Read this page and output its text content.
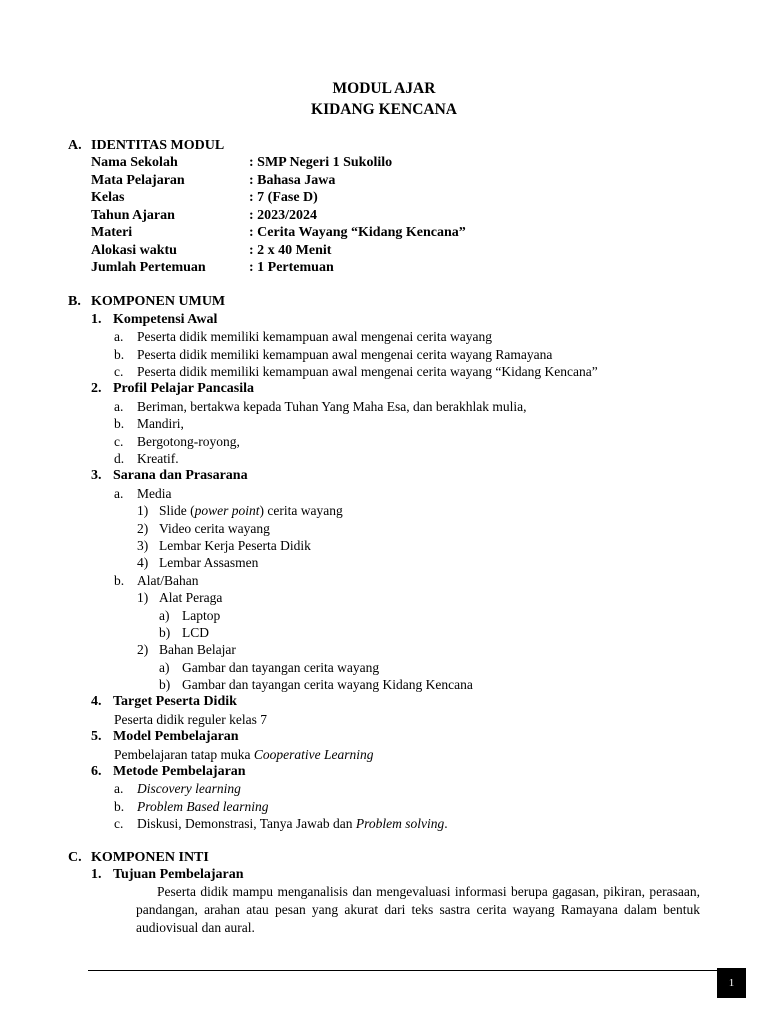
MODUL AJAR
KIDANG KENCANA
A. IDENTITAS MODUL
Nama Sekolah	: SMP Negeri 1 Sukolilo
Mata Pelajaran	: Bahasa Jawa
Kelas	: 7 (Fase D)
Tahun Ajaran	: 2023/2024
Materi	: Cerita Wayang “Kidang Kencana”
Alokasi waktu	: 2 x 40 Menit
Jumlah Pertemuan	: 1 Pertemuan
B. KOMPONEN UMUM
1. Kompetensi Awal
a. Peserta didik memiliki kemampuan awal mengenai cerita wayang
b. Peserta didik memiliki kemampuan awal mengenai cerita wayang Ramayana
c. Peserta didik memiliki kemampuan awal mengenai cerita wayang “Kidang Kencana”
2. Profil Pelajar Pancasila
a. Beriman, bertakwa kepada Tuhan Yang Maha Esa, dan berakhlak mulia,
b. Mandiri,
c. Bergotong-royong,
d. Kreatif.
3. Sarana dan Prasarana
a. Media
1) Slide (power point) cerita wayang
2) Video cerita wayang
3) Lembar Kerja Peserta Didik
4) Lembar Assasmen
b. Alat/Bahan
1) Alat Peraga
a) Laptop
b) LCD
2) Bahan Belajar
a) Gambar dan tayangan cerita wayang
b) Gambar dan tayangan cerita wayang Kidang Kencana
4. Target Peserta Didik
Peserta didik reguler kelas 7
5. Model Pembelajaran
Pembelajaran tatap muka Cooperative Learning
6. Metode Pembelajaran
a. Discovery learning
b. Problem Based learning
c. Diskusi, Demonstrasi, Tanya Jawab dan Problem solving.
C. KOMPONEN INTI
1. Tujuan Pembelajaran
Peserta didik mampu menganalisis dan mengevaluasi informasi berupa gagasan, pikiran, perasaan, pandangan, arahan atau pesan yang akurat dari teks sastra cerita wayang Ramayana dalam bentuk audiovisual dan aural.
1
